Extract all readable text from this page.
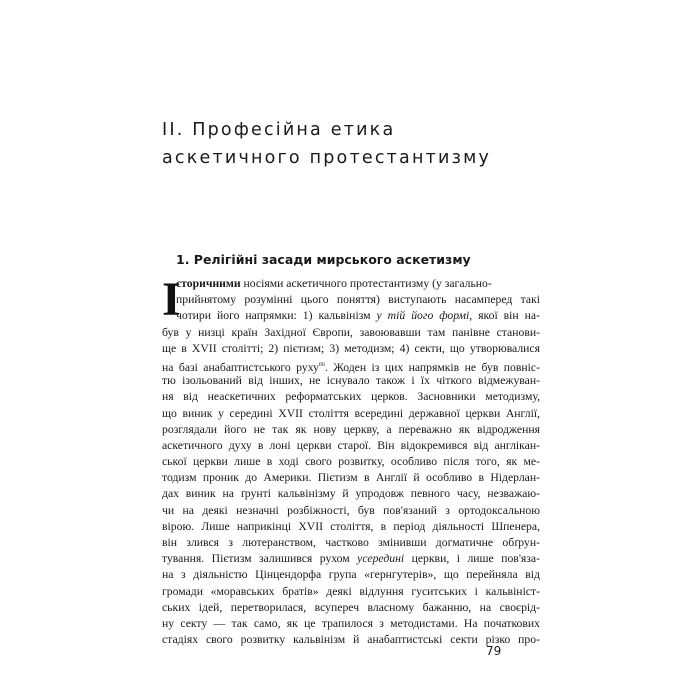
II. Професійна етика
аскетичного протестантизму
1. Релігійні засади мирського аскетизму
І
сторичними носіями аскетичного протестантизму (у загально-
прийнятому розумінні цього поняття) виступають насамперед такі
чотири його напрямки: 1) кальвінізм у тій його формі, якої він на-
був у низці країн Західної Європи, завоювавши там панівне станови-
ще в XVII столітті; 2) пієтизм; 3) методизм; 4) секти, що утворювалися
на базі анабаптистського руху$^{66}$. Жоден із цих напрямків не був повніс-
тю ізольований від інших, не існувало також і їх чіткого відмежуван-
ня від неаскетичних реформатських церков. Засновники методизму,
що виник у середині XVII століття всередині державної церкви Англії,
розглядали його не так як нову церкву, а переважно як відродження
аскетичного духу в лоні церкви старої. Він відокремився від англікан-
ської церкви лише в ході свого розвитку, особливо після того, як ме-
тодизм проник до Америки. Пієтизм в Англії й особливо в Нідерлан-
дах виник на ґрунті кальвінізму й упродовж певного часу, незважаю-
чи на деякі незначні розбіжності, був пов'язаний з ортодоксальною
вірою. Лише наприкінці XVII століття, в період діяльності Шпенера,
він злився з лютеранством, частково змінивши догматичне обґрун-
тування. Пієтизм залишився рухом усередині церкви, і лише пов'яза-
на з діяльністю Цінцендорфа група «гернгутерів», що перейняла від
громади «моравських братів» деякі відлуння гуситських і кальвініст-
ських ідей, перетворилася, всупереч власному бажанню, на своєрід-
ну секту — так само, як це трапилося з методистами. На початкових
стадіях свого розвитку кальвінізм й анабаптистські секти різко про-
79
